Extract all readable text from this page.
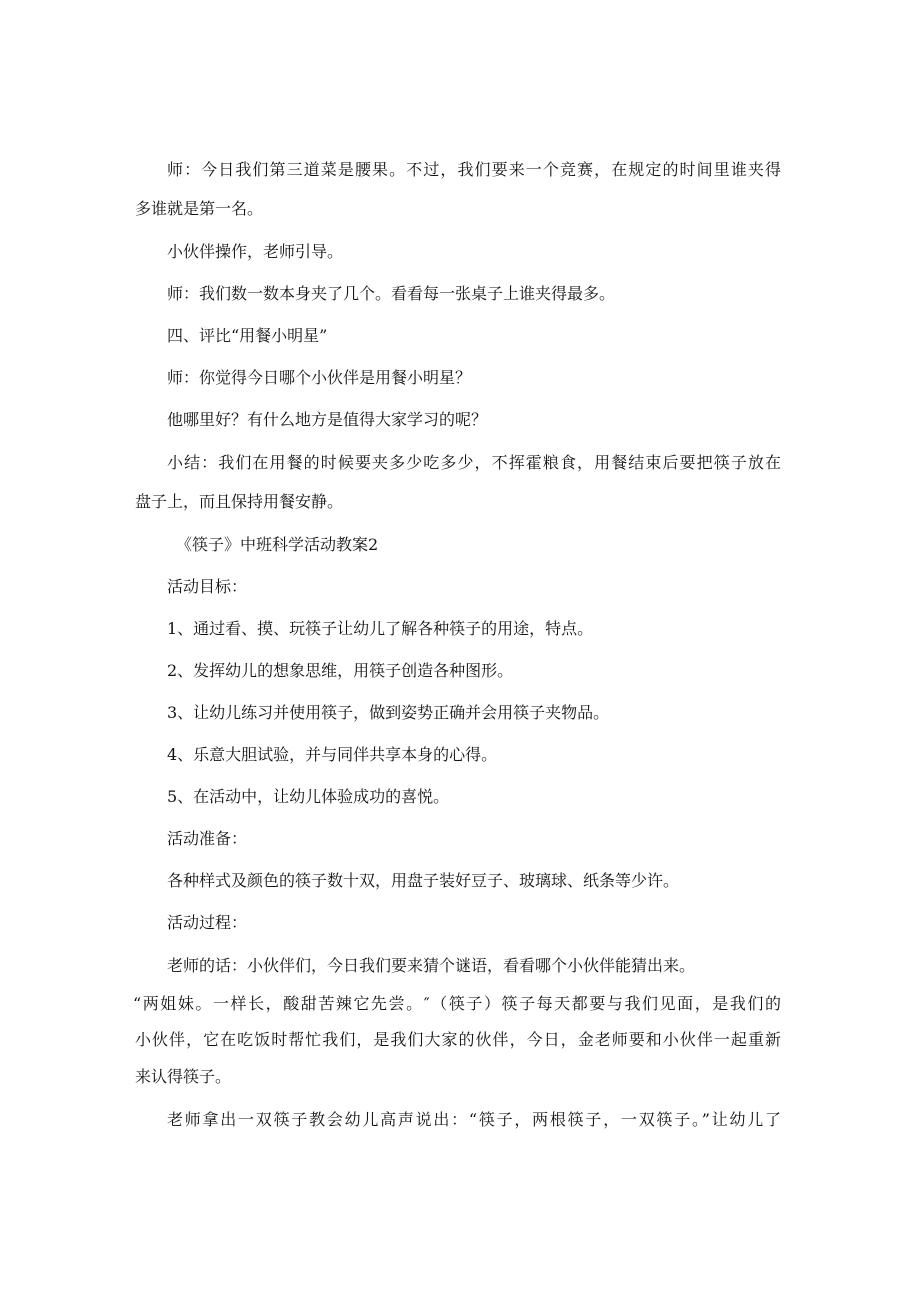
师：今日我们第三道菜是腰果。不过，我们要来一个竞赛，在规定的时间里谁夹得

多谁就是第一名。

小伙伴操作，老师引导。

师：我们数一数本身夹了几个。看看每一张桌子上谁夹得最多。

四、评比“用餐小明星”

师：你觉得今日哪个小伙伴是用餐小明星？

他哪里好？有什么地方是值得大家学习的呢？

小结：我们在用餐的时候要夹多少吃多少，不挥霍粮食，用餐结束后要把筷子放在

盘子上，而且保持用餐安静。

《筷子》中班科学活动教案2

活动目标：

1、通过看、摸、玩筷子让幼儿了解各种筷子的用途，特点。

2、发挥幼儿的想象思维，用筷子创造各种图形。

3、让幼儿练习并使用筷子，做到姿势正确并会用筷子夹物品。

4、乐意大胆试验，并与同伴共享本身的心得。

5、在活动中，让幼儿体验成功的喜悦。

活动准备：

各种样式及颜色的筷子数十双，用盘子装好豆子、玻璃球、纸条等少许。

活动过程：

老师的话：小伙伴们，今日我们要来猜个谜语，看看哪个小伙伴能猜出来。

“两姐妹。一样长，酸甜苦辣它先尝。″（筷子）筷子每天都要与我们见面，是我们的

小伙伴，它在吃饭时帮忙我们，是我们大家的伙伴，今日，金老师要和小伙伴一起重新

来认得筷子。

老师拿出一双筷子教会幼儿高声说出：“筷子，两根筷子，一双筷子。”让幼儿了
